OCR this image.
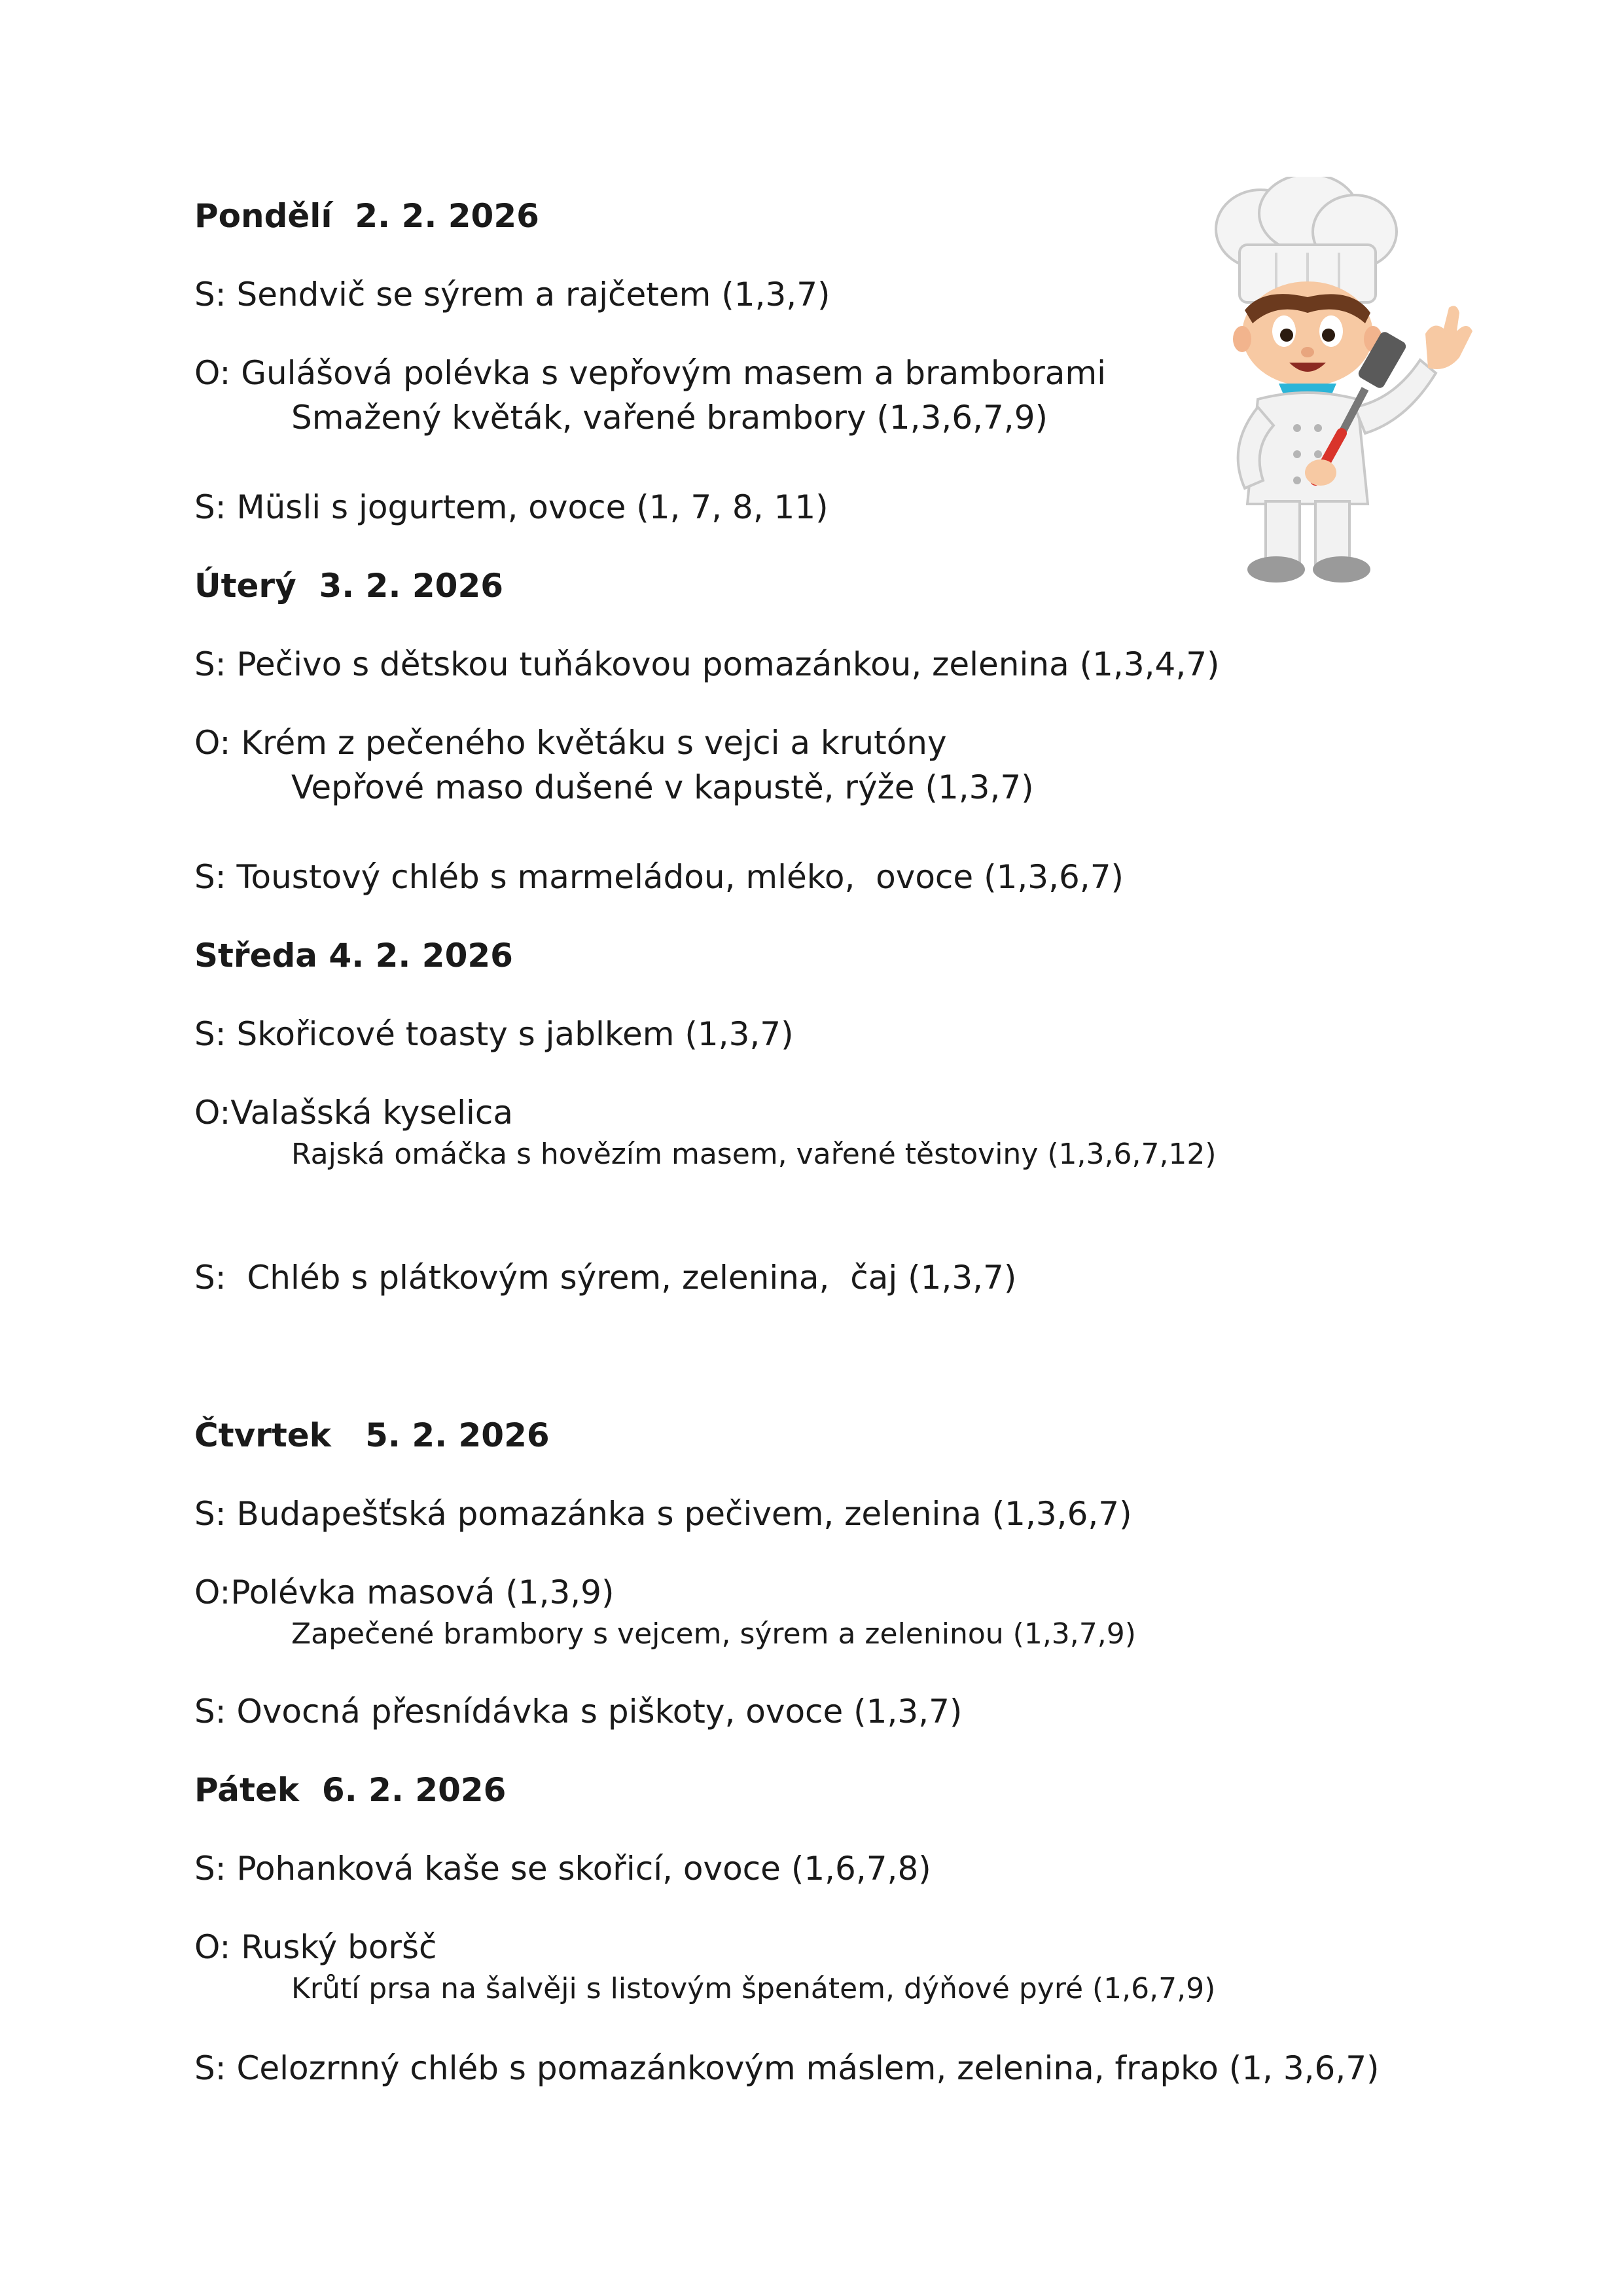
Pondělí  2. 2. 2026

S: Sendvič se sýrem a rajčetem (1,3,7)

O: Gulášová polévka s vepřovým masem a bramborami

Smažený květák, vařené brambory (1,3,6,7,9)

S: Müsli s jogurtem, ovoce (1, 7, 8, 11)

Úterý  3. 2. 2026

S: Pečivo s dětskou tuňákovou pomazánkou, zelenina (1,3,4,7)

O: Krém z pečeného květáku s vejci a krutóny

Vepřové maso dušené v kapustě, rýže (1,3,7)

S: Toustový chléb s marmeládou, mléko,  ovoce (1,3,6,7)

Středa 4. 2. 2026

S: Skořicové toasty s jablkem (1,3,7)

O:Valašská kyselica

Rajská omáčka s hovězím masem, vařené těstoviny (1,3,6,7,12)

S:  Chléb s plátkovým sýrem, zelenina,  čaj (1,3,7)

Čtvrtek   5. 2. 2026

S: Budapešťská pomazánka s pečivem, zelenina (1,3,6,7)

O:Polévka masová (1,3,9)

Zapečené brambory s vejcem, sýrem a zeleninou (1,3,7,9)

S: Ovocná přesnídávka s piškoty, ovoce (1,3,7)

Pátek  6. 2. 2026

S: Pohanková kaše se skořicí, ovoce (1,6,7,8)

O: Ruský boršč

Krůtí prsa na šalvěji s listovým špenátem, dýňové pyré (1,6,7,9)

S: Celozrnný chléb s pomazánkovým máslem, zelenina, frapko (1, 3,6,7)
